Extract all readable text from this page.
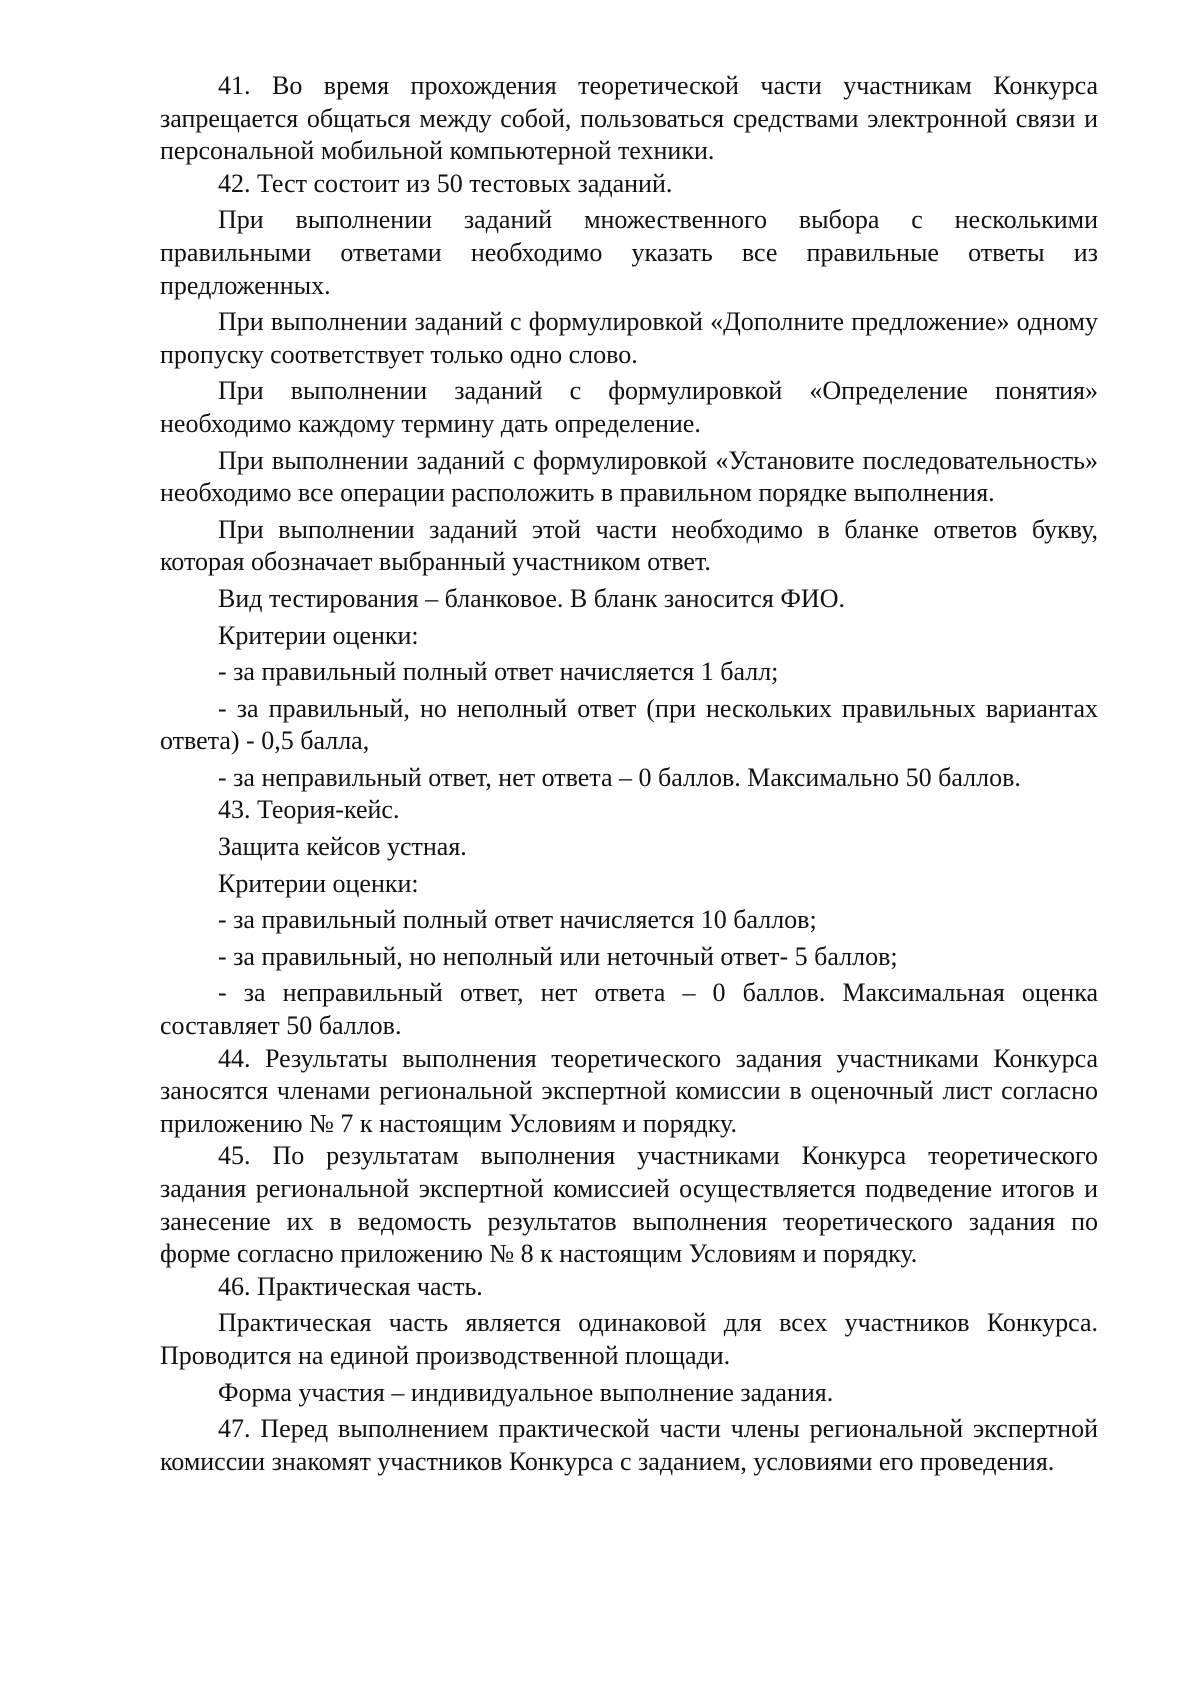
41. Во время прохождения теоретической части участникам Конкурса запрещается общаться между собой, пользоваться средствами электронной связи и персональной мобильной компьютерной техники.

42. Тест состоит из 50 тестовых заданий.

При выполнении заданий множественного выбора с несколькими правильными ответами необходимо указать все правильные ответы из предложенных.

При выполнении заданий с формулировкой «Дополните предложение» одному пропуску соответствует только одно слово.

При выполнении заданий с формулировкой «Определение понятия» необходимо каждому термину дать определение.

При выполнении заданий с формулировкой «Установите последовательность» необходимо все операции расположить в правильном порядке выполнения.

При выполнении заданий этой части необходимо в бланке ответов букву, которая обозначает выбранный участником ответ.

Вид тестирования – бланковое. В бланк заносится ФИО.

Критерии оценки:

- за правильный полный ответ начисляется 1 балл;

- за правильный, но неполный ответ (при нескольких правильных вариантах ответа) - 0,5 балла,

- за неправильный ответ, нет ответа – 0 баллов. Максимально 50 баллов.

43. Теория-кейс.

Защита кейсов устная.

Критерии оценки:

- за правильный полный ответ начисляется 10 баллов;

- за правильный, но неполный или неточный ответ- 5 баллов;

- за неправильный ответ, нет ответа – 0 баллов. Максимальная оценка составляет 50 баллов.

44. Результаты выполнения теоретического задания участниками Конкурса заносятся членами региональной экспертной комиссии в оценочный лист согласно приложению № 7 к настоящим Условиям и порядку.

45. По результатам выполнения участниками Конкурса теоретического задания региональной экспертной комиссией осуществляется подведение итогов и занесение их в ведомость результатов выполнения теоретического задания по форме согласно приложению № 8 к настоящим Условиям и порядку.

46. Практическая часть.

Практическая часть является одинаковой для всех участников Конкурса. Проводится на единой производственной площади.

Форма участия – индивидуальное выполнение задания.

47. Перед выполнением практической части члены региональной экспертной комиссии знакомят участников Конкурса с заданием, условиями его проведения.
